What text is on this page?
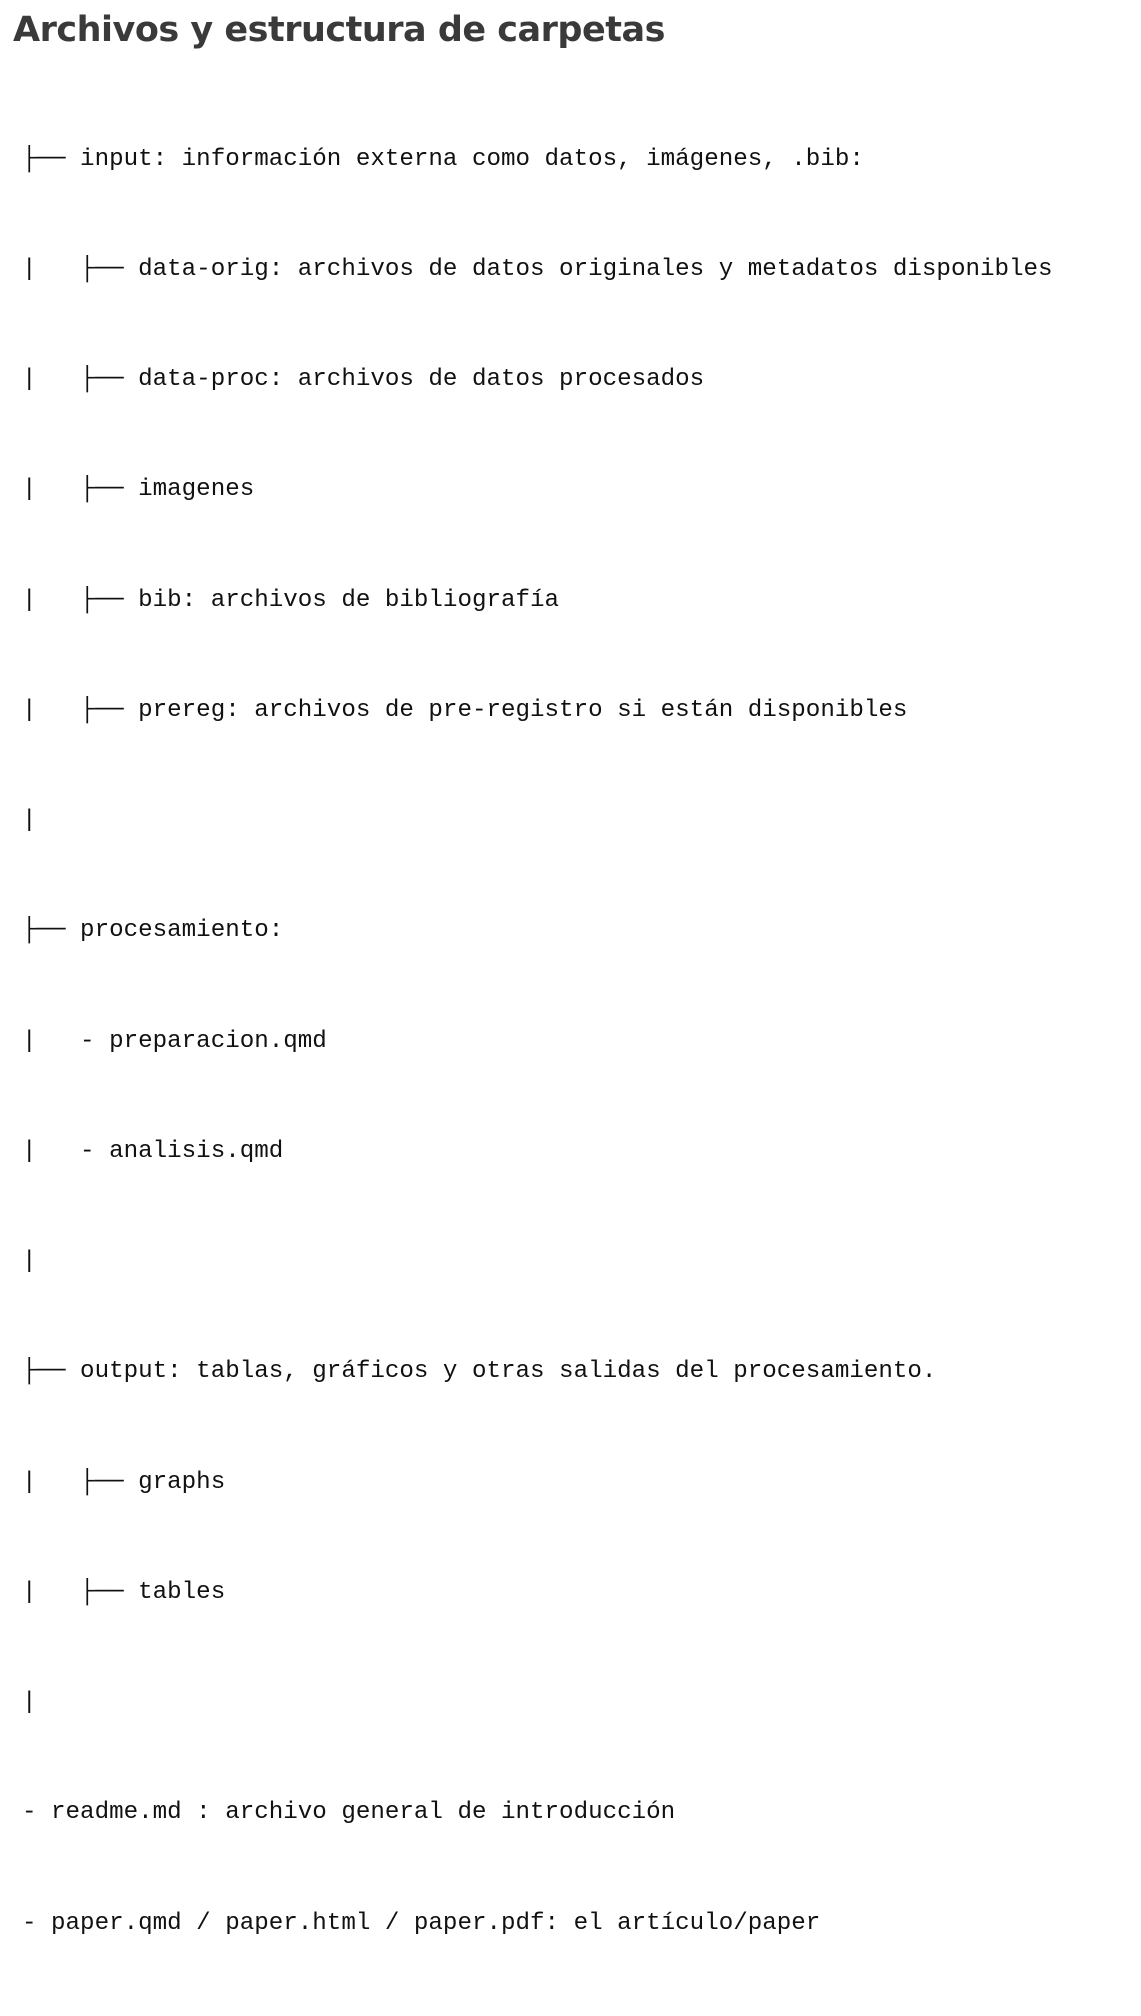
Archivos y estructura de carpetas

├── input: información externa como datos, imágenes, .bib:

|   ├── data-orig: archivos de datos originales y metadatos disponibles

|   ├── data-proc: archivos de datos procesados

|   ├── imagenes

|   ├── bib: archivos de bibliografía

|   ├── prereg: archivos de pre-registro si están disponibles

|

├── procesamiento:

|   - preparacion.qmd

|   - analisis.qmd

|

├── output: tablas, gráficos y otras salidas del procesamiento.

|   ├── graphs

|   ├── tables

|

- readme.md : archivo general de introducción

- paper.qmd / paper.html / paper.pdf: el artículo/paper
